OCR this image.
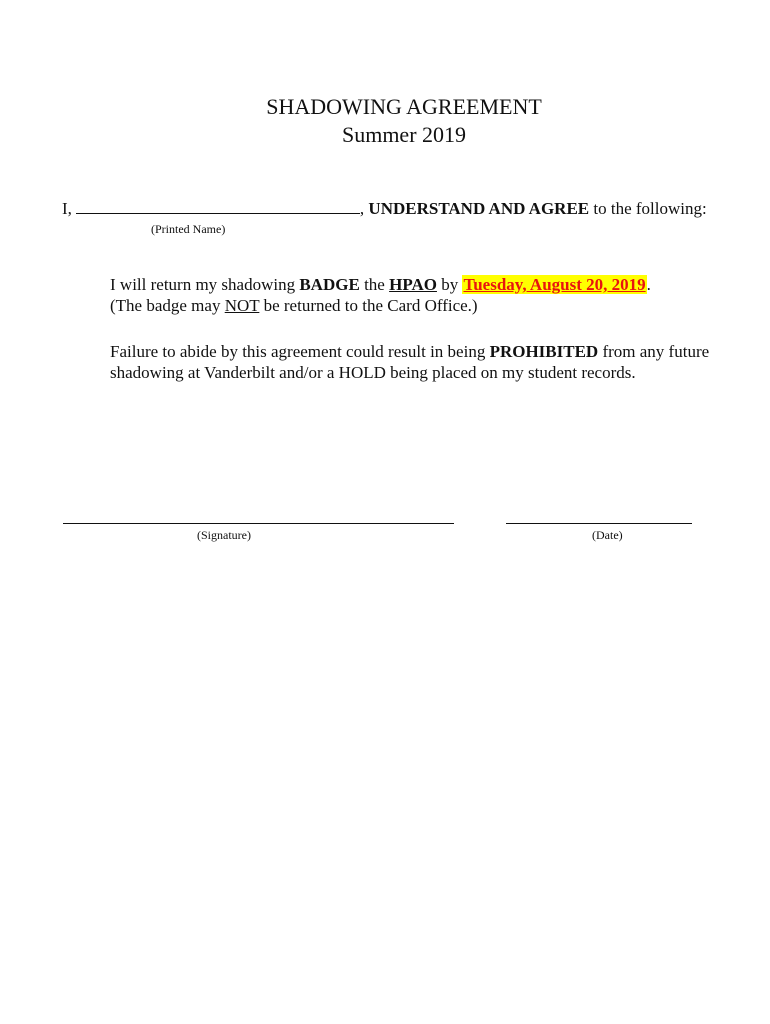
SHADOWING AGREEMENT
Summer 2019
I,	, UNDERSTAND AND AGREE to the following:
(Printed Name)
I will return my shadowing BADGE the HPAO by Tuesday, August 20, 2019.
(The badge may NOT be returned to the Card Office.)
Failure to abide by this agreement could result in being PROHIBITED from any future
shadowing at Vanderbilt and/or a HOLD being placed on my student records.
(Signature)	(Date)
